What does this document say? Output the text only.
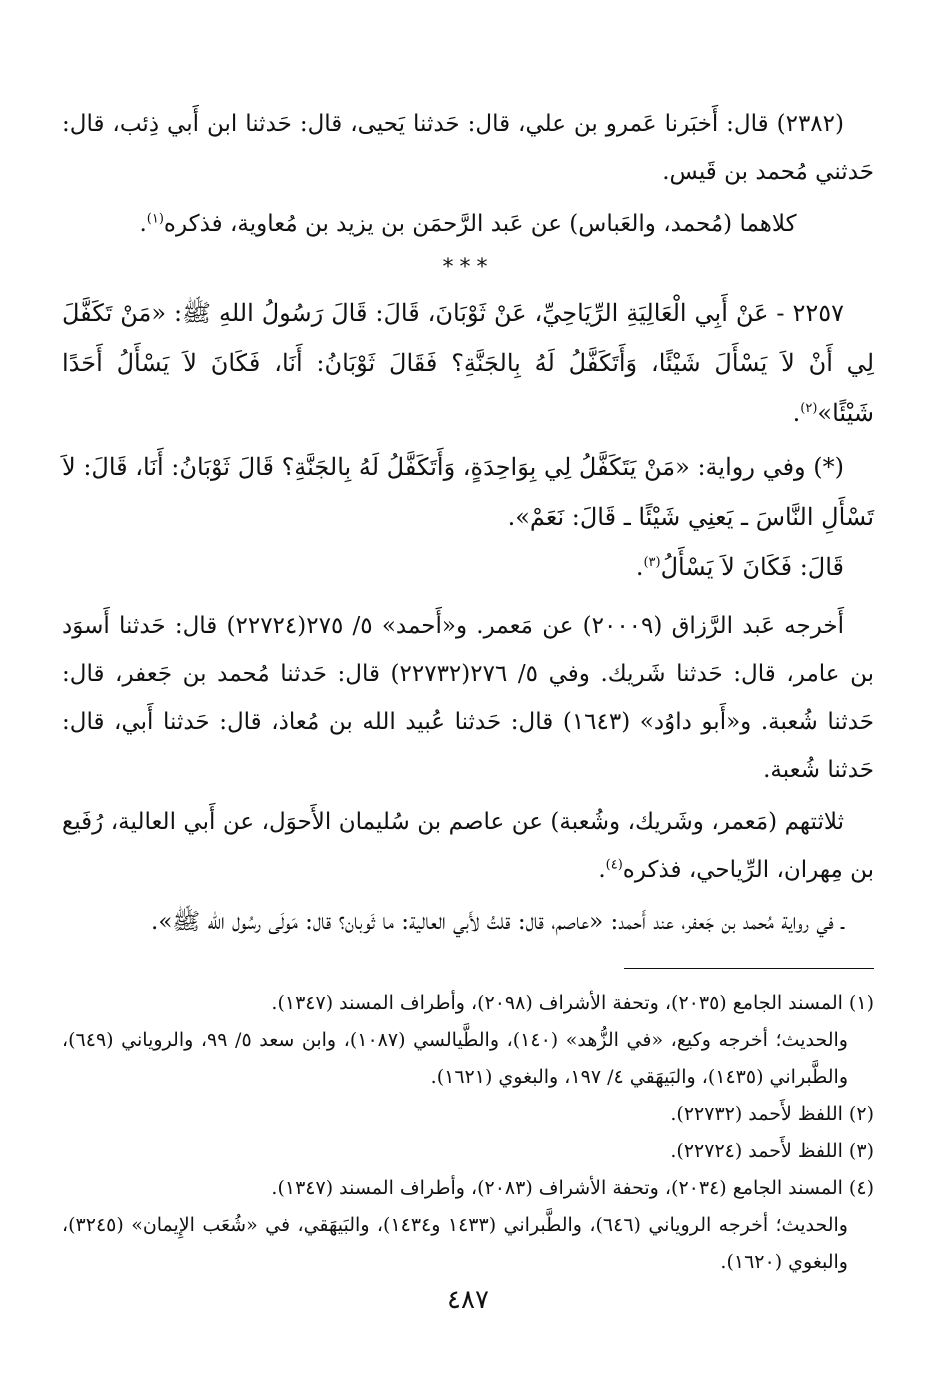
(٢٣٨٢) قال: أَخبَرنا عَمرو بن علي، قال: حَدثنا يَحيى، قال: حَدثنا ابن أَبي ذِئب، قال: حَدثني مُحمد بن قَيس.

كلاهما (مُحمد، والعَباس) عن عَبد الرَّحمَن بن يزيد بن مُعاوية، فذكره$^{(١)}$.

***

٢٢٥٧ - عَنْ أَبِي الْعَالِيَةِ الرِّيَاحِيِّ، عَنْ ثَوْبَانَ، قَالَ: قَالَ رَسُولُ اللهِ ﷺ: «مَنْ تَكَفَّلَ لِي أَنْ لاَ يَسْأَلَ شَيْئًا، وَأَتَكَفَّلُ لَهُ بِالجَنَّةِ؟ فَقَالَ ثَوْبَانُ: أَنَا، فَكَانَ لاَ يَسْأَلُ أَحَدًا شَيْئًا»$^{(٢)}$.

(*) وفي رواية: «مَنْ يَتَكَفَّلُ لِي بِوَاحِدَةٍ، وَأَتَكَفَّلُ لَهُ بِالجَنَّةِ؟ قَالَ ثَوْبَانُ: أَنَا، قَالَ: لاَ تَسْأَلِ النَّاسَ ـ يَعنِي شَيْئًا ـ قَالَ: نَعَمْ».

قَالَ: فَكَانَ لاَ يَسْأَلُ$^{(٣)}$.

أَخرجه عَبد الرَّزاق (٢٠٠٠٩) عن مَعمر. و«أَحمد» ٥/ ٢٧٥(٢٢٧٢٤) قال: حَدثنا أَسوَد بن عامر، قال: حَدثنا شَريك. وفي ٥/ ٢٧٦(٢٢٧٣٢) قال: حَدثنا مُحمد بن جَعفر، قال: حَدثنا شُعبة. و«أَبو داوُد» (١٦٤٣) قال: حَدثنا عُبيد الله بن مُعاذ، قال: حَدثنا أَبي، قال: حَدثنا شُعبة.

ثلاثتهم (مَعمر، وشَريك، وشُعبة) عن عاصم بن سُليمان الأَحوَل، عن أَبي العالية، رُفَيع بن مِهران، الرِّياحي، فذكره$^{(٤)}$.

ـ في رواية مُحمد بن جَعفر، عند أَحمد: «عاصم، قال: قلتُ لأَبي العالية: ما ثَوبان؟ قال: مَولَى رسُول الله ﷺ».

(١) المسند الجامع (٢٠٣٥)، وتحفة الأشراف (٢٠٩٨)، وأطراف المسند (١٣٤٧).

والحديث؛ أخرجه وكيع، «في الزُّهد» (١٤٠)، والطَّيالسي (١٠٨٧)، وابن سعد ٥/ ٩٩، والروياني (٦٤٩)، والطَّبراني (١٤٣٥)، والبَيهَقي ٤/ ١٩٧، والبغوي (١٦٢١).

(٢) اللفظ لأَحمد (٢٢٧٣٢).

(٣) اللفظ لأَحمد (٢٢٧٢٤).

(٤) المسند الجامع (٢٠٣٤)، وتحفة الأشراف (٢٠٨٣)، وأطراف المسند (١٣٤٧).

والحديث؛ أخرجه الروياني (٦٤٦)، والطَّبراني (١٤٣٣ و١٤٣٤)، والبَيهَقي، في «شُعَب الإِيمان» (٣٢٤٥)، والبغوي (١٦٢٠).

٤٨٧
